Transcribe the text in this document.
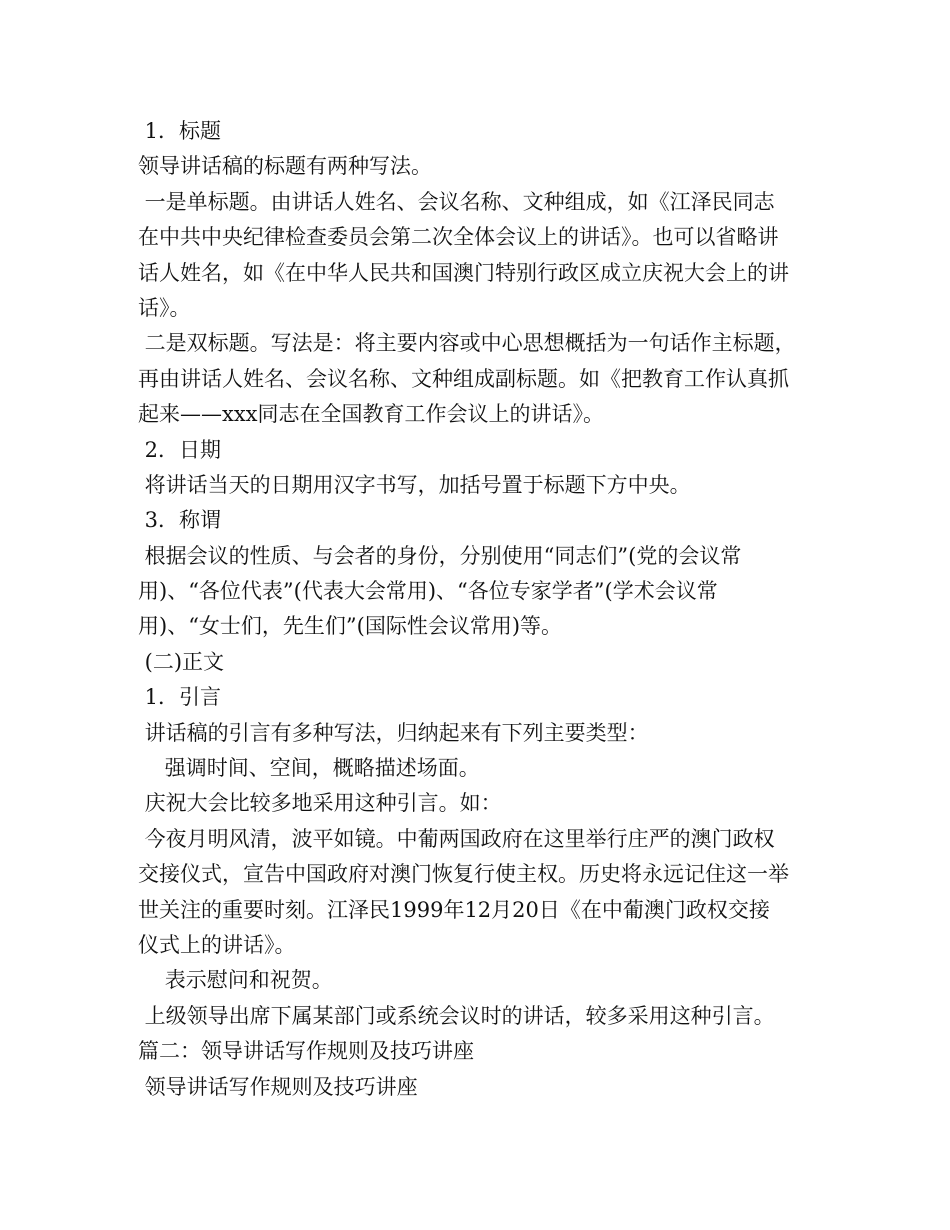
1．标题
领导讲话稿的标题有两种写法。
一是单标题。由讲话人姓名、会议名称、文种组成，如《江泽民同志
在中共中央纪律检查委员会第二次全体会议上的讲话》。也可以省略讲
话人姓名，如《在中华人民共和国澳门特别行政区成立庆祝大会上的讲
话》。
二是双标题。写法是：将主要内容或中心思想概括为一句话作主标题，
再由讲话人姓名、会议名称、文种组成副标题。如《把教育工作认真抓
起来——xxx同志在全国教育工作会议上的讲话》。
2．日期
将讲话当天的日期用汉字书写，加括号置于标题下方中央。
3．称谓
根据会议的性质、与会者的身份，分别使用“同志们”(党的会议常
用)、“各位代表”(代表大会常用)、“各位专家学者”(学术会议常
用)、“女士们，先生们”(国际性会议常用)等。
(二)正文
1．引言
讲话稿的引言有多种写法，归纳起来有下列主要类型：
强调时间、空间，概略描述场面。
庆祝大会比较多地采用这种引言。如：
今夜月明风清，波平如镜。中葡两国政府在这里举行庄严的澳门政权
交接仪式，宣告中国政府对澳门恢复行使主权。历史将永远记住这一举
世关注的重要时刻。江泽民1999年12月20日《在中葡澳门政权交接
仪式上的讲话》。
表示慰问和祝贺。
上级领导出席下属某部门或系统会议时的讲话，较多采用这种引言。
篇二：领导讲话写作规则及技巧讲座
领导讲话写作规则及技巧讲座
